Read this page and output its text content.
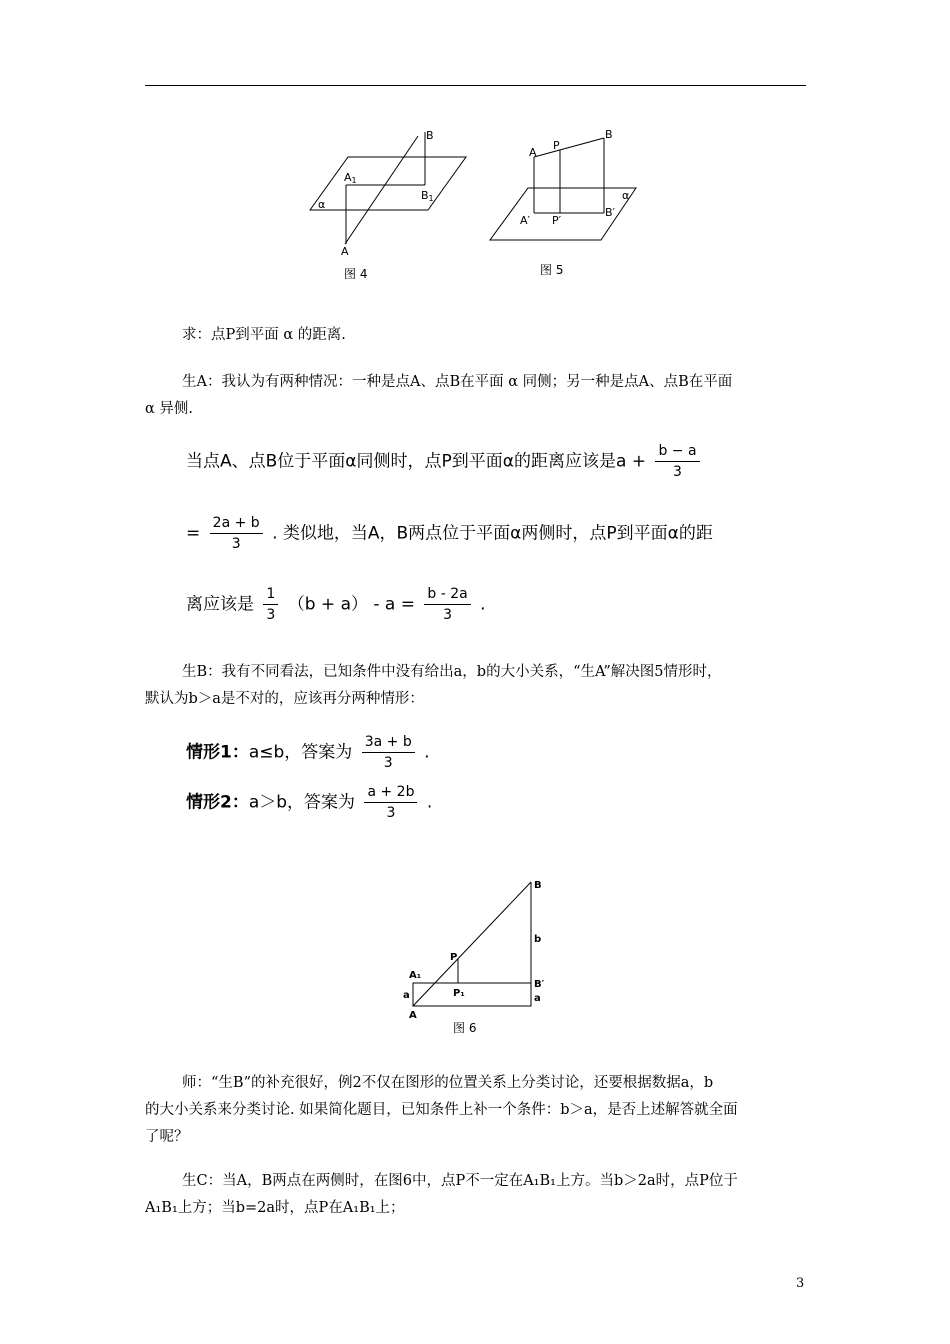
B
A1
B1
α
A
图 4
A
P
B
α
A′ P′
B′
图 5

求：点P到平面 α 的距离.

生A：我认为有两种情况：一种是点A、点B在平面 α 同侧；另一种是点A、点B在平面

α 异侧.

当点A、点B位于平面α同侧时，点P到平面α的距离应该是$a + \frac{b - a}{3}$
= $\frac{2a + b}{3}$ . 类似地，当A，B两点位于平面α两侧时，点P到平面α的距
离应该是 $\frac{1}{3} (b + a) - a = \frac{b - 2a}{3}$ .

生B：我有不同看法，已知条件中没有给出a，b的大小关系，“生A”解决图5情形时，

默认为b＞a是不对的，应该再分两种情形：

情形1：a≤b，答案为 $\frac{3a + b}{3}$ .
情形2：a＞b，答案为 $\frac{a + 2b}{3}$ .
B
b
P
A₁
B′
a	P₁	a
A
图 6

师：“生B”的补充很好，例2不仅在图形的位置关系上分类讨论，还要根据数据a，b

的大小关系来分类讨论. 如果简化题目，已知条件上补一个条件：b＞a，是否上述解答就全面

了呢？

生C：当A，B两点在两侧时，在图6中，点P不一定在A₁B₁上方。当b＞2a时，点P位于

A₁B₁上方；当b=2a时，点P在A₁B₁上；

3
